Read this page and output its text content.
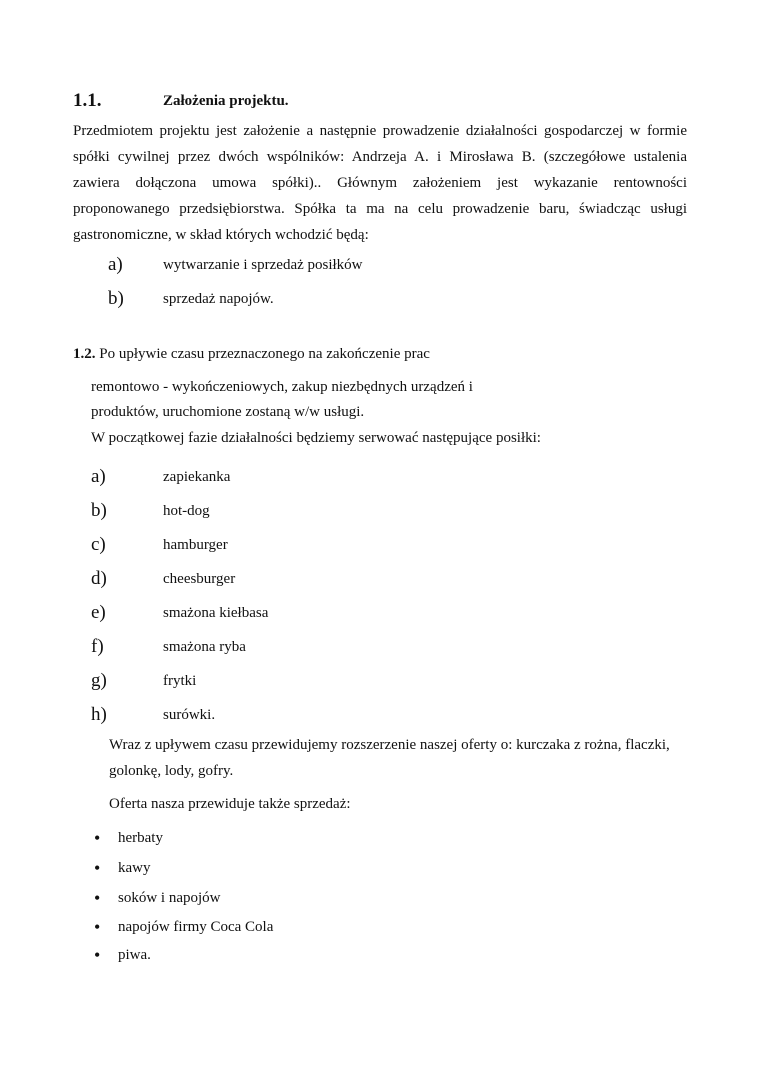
1.1.	Założenia projektu.
Przedmiotem projektu jest założenie a następnie prowadzenie działalności gospodarczej w formie
spółki cywilnej przez dwóch wspólników: Andrzeja A. i Mirosława B. (szczegółowe ustalenia
zawiera dołączona umowa spółki).. Głównym założeniem jest wykazanie rentowności
proponowanego przedsiębiorstwa. Spółka ta ma na celu prowadzenie baru, świadcząc usługi
gastronomiczne, w skład których wchodzić będą:
a)	wytwarzanie i sprzedaż posiłków
b)	sprzedaż napojów.
1.2. Po upływie czasu przeznaczonego na zakończenie prac
remontowo - wykończeniowych, zakup niezbędnych urządzeń i
produktów, uruchomione zostaną w/w usługi.
W początkowej fazie działalności będziemy serwować następujące posiłki:
a)	zapiekanka
b)	hot-dog
c)	hamburger
d)	cheesburger
e)	smażona kiełbasa
f)	smażona ryba
g)	frytki
h)	surówki.
Wraz z upływem czasu przewidujemy rozszerzenie naszej oferty o: kurczaka z rożna, flaczki,
golonkę, lody, gofry.
Oferta nasza przewiduje także sprzedaż:
• herbaty
• kawy
• soków i napojów
• napojów firmy Coca Cola
• piwa.
